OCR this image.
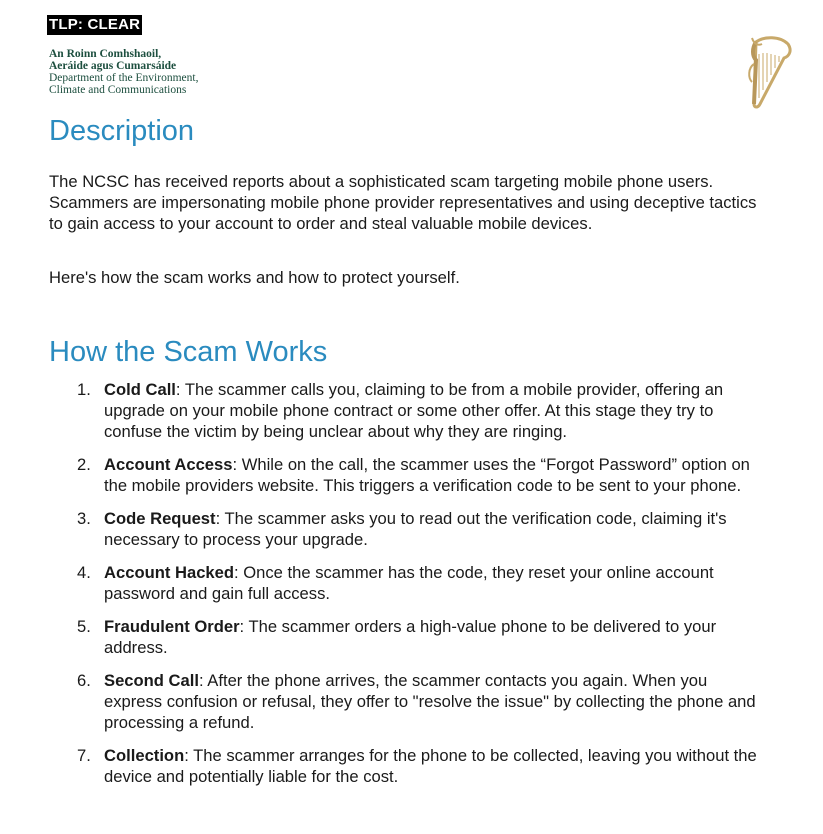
TLP: CLEAR
An Roinn Comhshaoil,
Aeráide agus Cumarsáide
Department of the Environment,
Climate and Communications
Description

The NCSC has received reports about a sophisticated scam targeting mobile phone users. Scammers are impersonating mobile phone provider representatives and using deceptive tactics to gain access to your account to order and steal valuable mobile devices.

Here's how the scam works and how to protect yourself.

How the Scam Works
1. Cold Call: The scammer calls you, claiming to be from a mobile provider, offering an upgrade on your mobile phone contract or some other offer. At this stage they try to confuse the victim by being unclear about why they are ringing.
2. Account Access: While on the call, the scammer uses the “Forgot Password” option on the mobile providers website. This triggers a verification code to be sent to your phone.
3. Code Request: The scammer asks you to read out the verification code, claiming it's necessary to process your upgrade.
4. Account Hacked: Once the scammer has the code, they reset your online account password and gain full access.
5. Fraudulent Order: The scammer orders a high-value phone to be delivered to your address.
6. Second Call: After the phone arrives, the scammer contacts you again. When you express confusion or refusal, they offer to "resolve the issue" by collecting the phone and processing a refund.
7. Collection: The scammer arranges for the phone to be collected, leaving you without the device and potentially liable for the cost.
